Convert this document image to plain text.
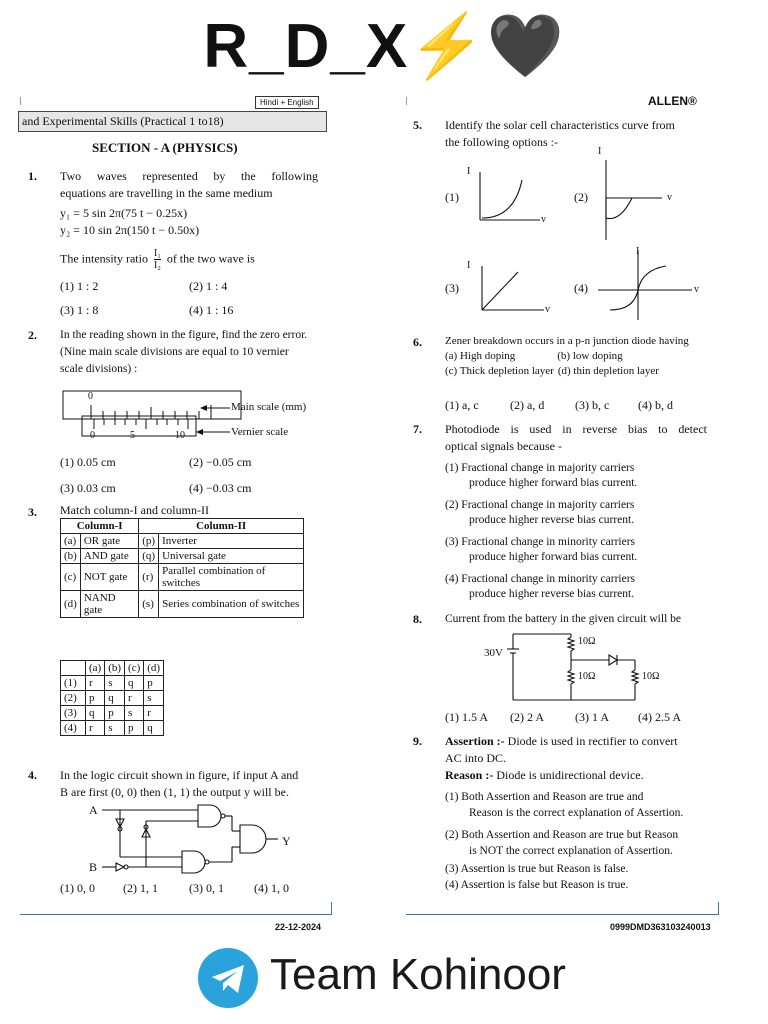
R_D_X⚡🖤
Hindi + English	ALLEN®
and Experimental Skills (Practical 1 to18)
SECTION - A (PHYSICS)
1. Two waves represented by the following
equations are travelling in the same medium
y₁ = 5 sin 2π(75 t − 0.25x)
y₂ = 10 sin 2π(150 t − 0.50x)
The intensity ratio $\frac{\text{I₁}}{\text{I₂}}$ of the two wave is
(1) 1 : 2	(2) 1 : 4
(3) 1 : 8	(4) 1 : 16
2. In the reading shown in the figure, find the zero error.
(Nine main scale divisions are equal to 10 vernier
scale divisions) :
0
0	5	10
Main scale (mm)
Vernier scale
(1) 0.05 cm	(2) −0.05 cm
(3) 0.03 cm	(4) −0.03 cm
3. Match column-I and column-II
Column-I		Column-II	
(a)	OR gate	(p)	Inverter
(b)	AND gate	(q)	Universal gate
(c)	NOT gate	(r)	Parallel combination of switches
(d)	NAND gate	(s)	Series combination of switches
	(a)	(b)	(c)	(d)
(1)	r	s	q	p
(2)	p	q	r	s
(3)	q	p	s	r
(4)	r	s	p	q
4. In the logic circuit shown in figure, if input A and
B are first (0, 0) then (1, 1) the output y will be.
A
B
Y
(1) 0, 0 (2) 1, 1	(3) 0, 1	(4) 1, 0
22-12-2024
5. Identify the solar cell characteristics curve from
the following options :-
(1)	(2)
(3)	(4)
I
v
I
v
I
v
I
v
6. Zener breakdown occurs in a p-n junction diode having
(a) High doping	(b) low doping
(c) Thick depletion layer (d) thin depletion layer
(1) a, c	(2) a, d	(3) b, c (4) b, d
7. Photodiode is used in reverse bias to detect
optical signals because -
(1) Fractional change in majority carriers
produce higher forward bias current.
(2) Fractional change in majority carriers
produce higher reverse bias current.
(3) Fractional change in minority carriers
produce higher forward bias current.
(4) Fractional change in minority carriers
produce higher reverse bias current.
8. Current from the battery in the given circuit will be
30V
10Ω
10Ω	10Ω
(1) 1.5 A (2) 2 A	(3) 1 A (4) 2.5 A
9. Assertion :- Diode is used in rectifier to convert
AC into DC.
Reason :- Diode is unidirectional device.
(1) Both Assertion and Reason are true and
Reason is the correct explanation of Assertion.
(2) Both Assertion and Reason are true but Reason
is NOT the correct explanation of Assertion.
(3) Assertion is true but Reason is false.
(4) Assertion is false but Reason is true.
0999DMD363103240013
Team Kohinoor
